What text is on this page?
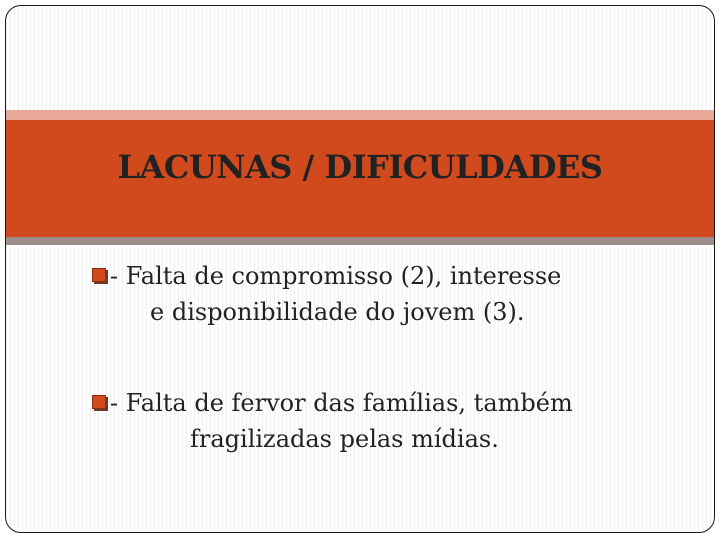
LACUNAS / DIFICULDADES
- Falta de compromisso (2), interesse
e disponibilidade do jovem (3).
- Falta de fervor das famílias, também
fragilizadas pelas mídias.
